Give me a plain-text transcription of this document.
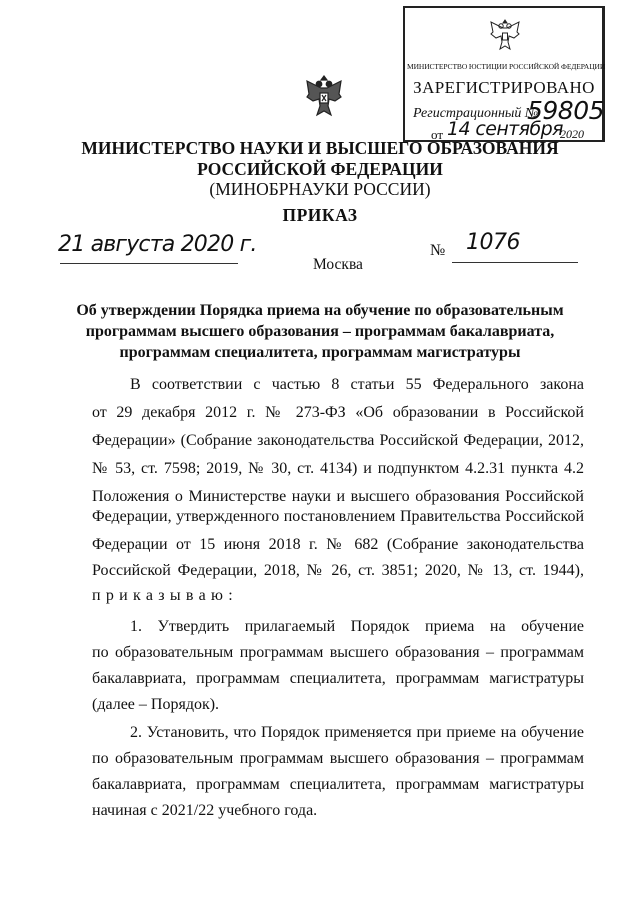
МИНИСТЕРСТВО ЮСТИЦИИ РОССИЙСКОЙ ФЕДЕРАЦИИ
ЗАРЕГИСТРИРОВАНО
Регистрационный №
59805
от 14 сентября
2020
МИНИСТЕРСТВО НАУКИ И ВЫСШЕГО ОБРАЗОВАНИЯ
РОССИЙСКОЙ ФЕДЕРАЦИИ
(МИНОБРНАУКИ РОССИИ)
ПРИКАЗ
21 августа 2020 г.
Москва
№ 1076
Об утверждении Порядка приема на обучение по образовательным
программам высшего образования – программам бакалавриата,
программам специалитета, программам магистратуры
В соответствии с частью 8 статьи 55 Федерального закона
от 29 декабря 2012 г. № 273-ФЗ «Об образовании в Российской
Федерации» (Собрание законодательства Российской Федерации, 2012,
№ 53, ст. 7598; 2019, № 30, ст. 4134) и подпунктом 4.2.31 пункта 4.2
Положения о Министерстве науки и высшего образования Российской
Федерации, утвержденного постановлением Правительства Российской
Федерации от 15 июня 2018 г. № 682 (Собрание законодательства
Российской Федерации, 2018, № 26, ст. 3851; 2020, № 13, ст. 1944),
приказываю:
1. Утвердить прилагаемый Порядок приема на обучение
по образовательным программам высшего образования – программам
бакалавриата, программам специалитета, программам магистратуры
(далее – Порядок).
2. Установить, что Порядок применяется при приеме на обучение
по образовательным программам высшего образования – программам
бакалавриата, программам специалитета, программам магистратуры
начиная с 2021/22 учебного года.
